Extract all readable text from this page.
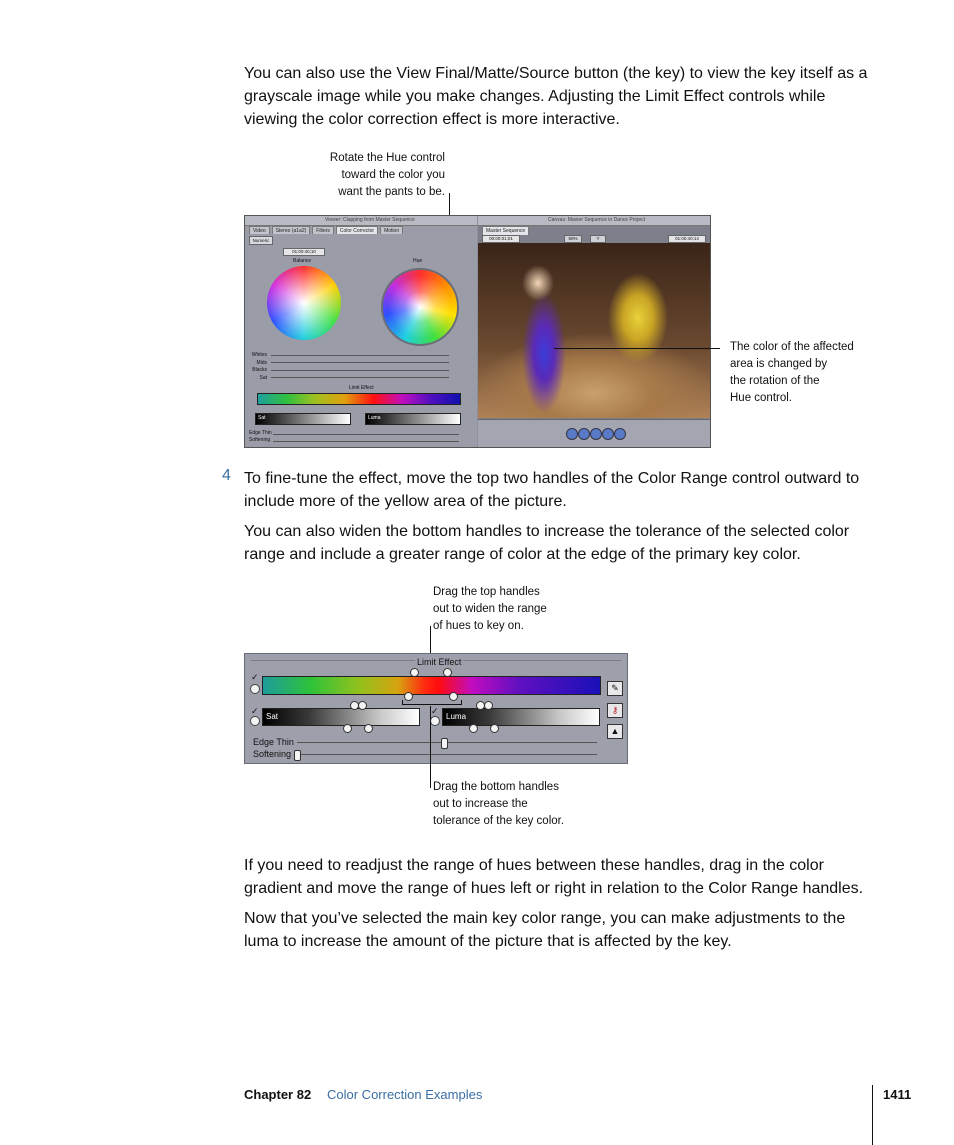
You can also use the View Final/Matte/Source button (the key) to view the key itself as a grayscale image while you make changes. Adjusting the Limit Effect controls while viewing the color correction effect is more interactive.

Rotate the Hue control
toward the color you
want the pants to be.
Viewer: Clapping from Master Sequence
Video	Stereo (a1a2)	Filters	Color Corrector	Motion
Numeric
01:00:40;10
Balance	Hue
Whites
Mids
Blacks
Sat
Limit Effect
Sat	Luma
Edge Thin
Softening
Canvas: Master Sequence in Dance Project
Master Sequence
00:00:01;01	50%	Y	01:00:40;14
The color of the affected
area is changed by
the rotation of the
Hue control.
4 To fine-tune the effect, move the top two handles of the Color Range control outward to include more of the yellow area of the picture.

You can also widen the bottom handles to increase the tolerance of the selected color range and include a greater range of color at the edge of the primary key color.

Drag the top handles
out to widen the range
of hues to key on.
Limit Effect
✓
✓	✓
Sat	Luma
✎
⚷
▲
Edge Thin
Softening
Drag the bottom handles
out to increase the
tolerance of the key color.

If you need to readjust the range of hues between these handles, drag in the color gradient and move the range of hues left or right in relation to the Color Range handles.

Now that you’ve selected the main key color range, you can make adjustments to the luma to increase the amount of the picture that is affected by the key.

Chapter 82 Color Correction Examples	1411
